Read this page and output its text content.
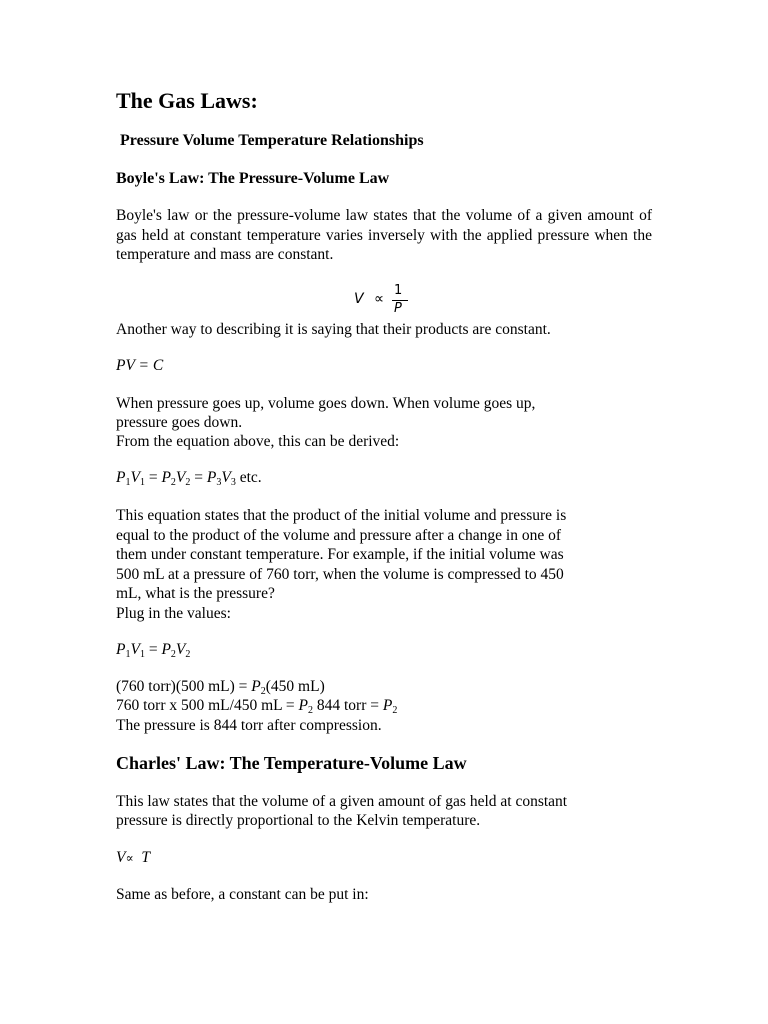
The Gas Laws:
Pressure Volume Temperature Relationships
Boyle's Law: The Pressure-Volume Law
Boyle's law or the pressure-volume law states that the volume of a given amount of gas held at constant temperature varies inversely with the applied pressure when the temperature and mass are constant.
V ∝
1
P
Another way to describing it is saying that their products are constant.
PV = C
When pressure goes up, volume goes down. When volume goes up,
pressure goes down.
From the equation above, this can be derived:
$P_1V_1 = P_2V_2 = P_3V_3$ etc.
This equation states that the product of the initial volume and pressure is
equal to the product of the volume and pressure after a change in one of
them under constant temperature. For example, if the initial volume was
500 mL at a pressure of 760 torr, when the volume is compressed to 450
mL, what is the pressure?
Plug in the values:
$P_1V_1 = P_2V_2$
(760 torr)(500 $mL) = P_2(450$ mL)
760 torr x 500 mL/450 mL = $P_2$ 844 torr = $P_2$
The pressure is 844 torr after compression.
Charles' Law: The Temperature-Volume Law
This law states that the volume of a given amount of gas held at constant
pressure is directly proportional to the Kelvin temperature.
V∝ T
Same as before, a constant can be put in:
